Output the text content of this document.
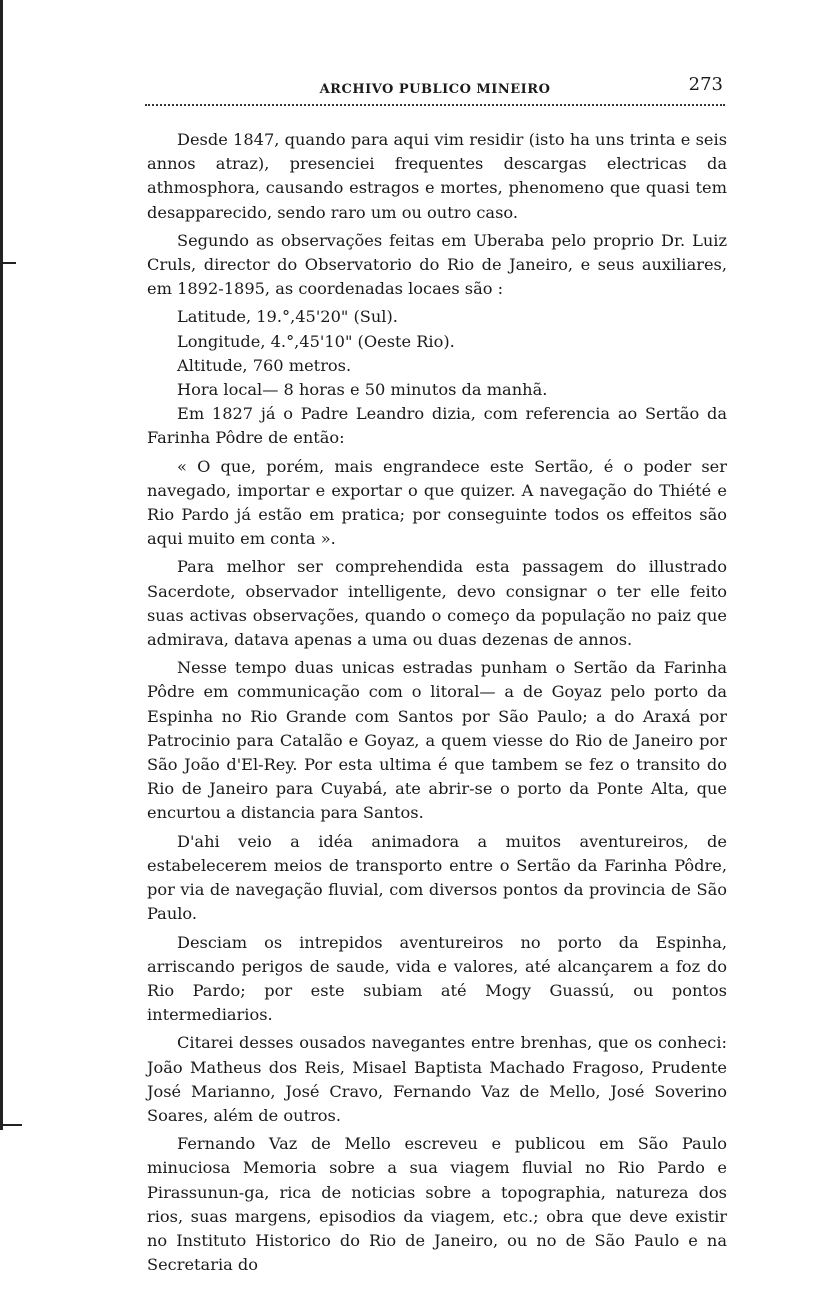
ARCHIVO PUBLICO MINEIRO	273

Desde 1847, quando para aqui vim residir (isto ha uns trinta e seis annos atraz), presenciei frequentes descargas electricas da athmosphora, causando estragos e mortes, phenomeno que quasi tem desapparecido, sendo raro um ou outro caso.

Segundo as observações feitas em Uberaba pelo proprio Dr. Luiz Cruls, director do Observatorio do Rio de Janeiro, e seus auxiliares, em 1892-1895, as coordenadas locaes são :

Latitude, 19.°,45'20" (Sul).

Longitude, 4.°,45'10" (Oeste Rio).

Altitude, 760 metros.

Hora local— 8 horas e 50 minutos da manhã.

Em 1827 já o Padre Leandro dizia, com referencia ao Sertão da Farinha Pôdre de então:

« O que, porém, mais engrandece este Sertão, é o poder ser navegado, importar e exportar o que quizer. A navegação do Thiété e Rio Pardo já estão em pratica; por conseguinte todos os effeitos são aqui muito em conta ».

Para melhor ser comprehendida esta passagem do illustrado Sacerdote, observador intelligente, devo consignar o ter elle feito suas activas observações, quando o começo da população no paiz que admirava, datava apenas a uma ou duas dezenas de annos.

Nesse tempo duas unicas estradas punham o Sertão da Farinha Pôdre em communicação com o litoral— a de Goyaz pelo porto da Espinha no Rio Grande com Santos por São Paulo; a do Araxá por Patrocinio para Catalão e Goyaz, a quem viesse do Rio de Janeiro por São João d'El-Rey. Por esta ultima é que tambem se fez o transito do Rio de Janeiro para Cuyabá, ate abrir-se o porto da Ponte Alta, que encurtou a distancia para Santos.

D'ahi veio a idéa animadora a muitos aventureiros, de estabelecerem meios de transporto entre o Sertão da Farinha Pôdre, por via de navegação fluvial, com diversos pontos da provincia de São Paulo.

Desciam os intrepidos aventureiros no porto da Espinha, arriscando perigos de saude, vida e valores, até alcançarem a foz do Rio Pardo; por este subiam até Mogy Guassú, ou pontos intermediarios.

Citarei desses ousados navegantes entre brenhas, que os conheci: João Matheus dos Reis, Misael Baptista Machado Fragoso, Prudente José Marianno, José Cravo, Fernando Vaz de Mello, José Soverino Soares, além de outros.

Fernando Vaz de Mello escreveu e publicou em São Paulo minuciosa Memoria sobre a sua viagem fluvial no Rio Pardo e Pirassunun-ga, rica de noticias sobre a topographia, natureza dos rios, suas margens, episodios da viagem, etc.; obra que deve existir no Instituto Historico do Rio de Janeiro, ou no de São Paulo e na Secretaria do
